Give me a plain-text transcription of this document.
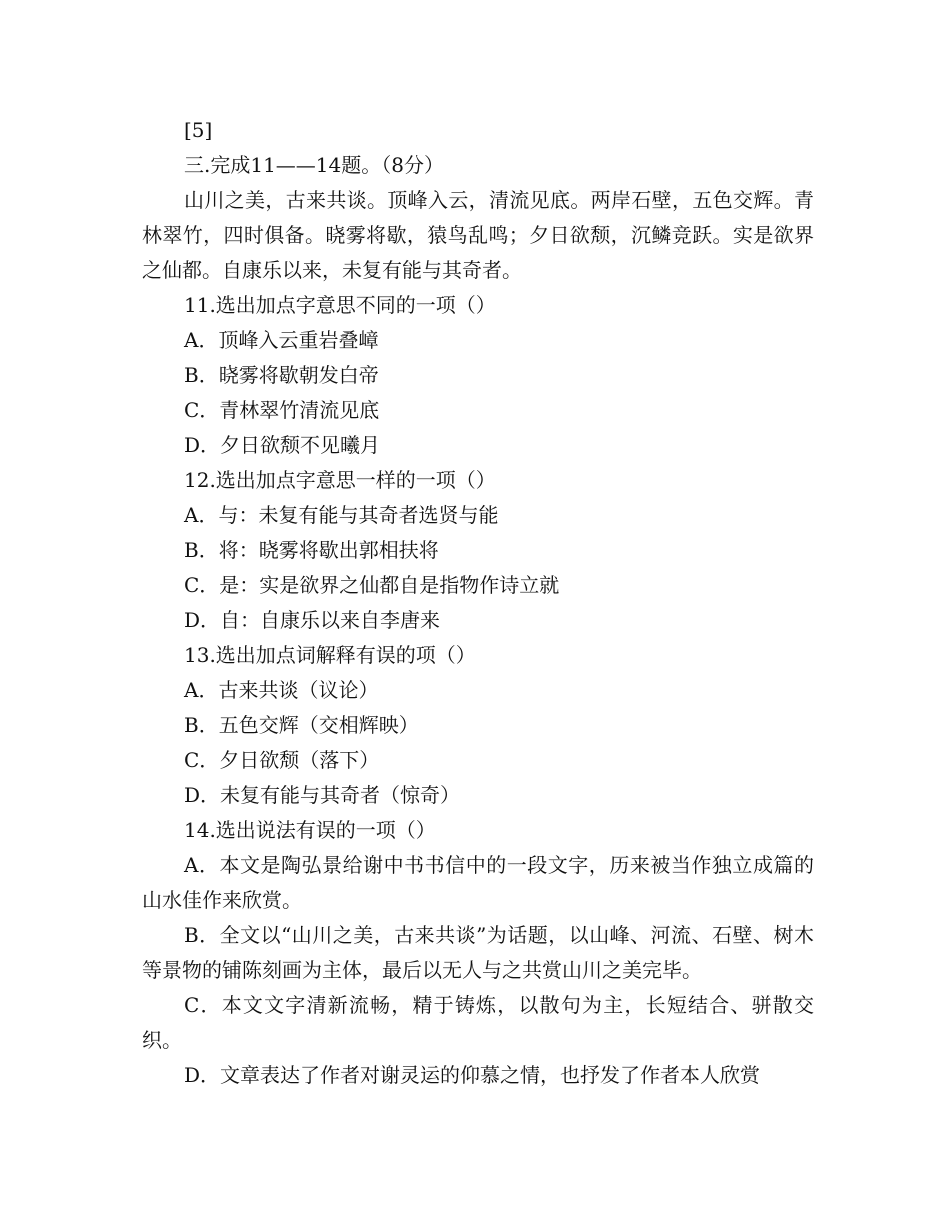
[5]

三.完成11——14题。（8分）

山川之美，古来共谈。顶峰入云，清流见底。两岸石壁，五色交辉。青林翠竹，四时俱备。晓雾将歇，猿鸟乱鸣；夕日欲颓，沉鳞竞跃。实是欲界之仙都。自康乐以来，未复有能与其奇者。

11.选出加点字意思不同的一项（）

A．顶峰入云重岩叠嶂

B．晓雾将歇朝发白帝

C．青林翠竹清流见底

D．夕日欲颓不见曦月

12.选出加点字意思一样的一项（）

A．与：未复有能与其奇者选贤与能

B．将：晓雾将歇出郭相扶将

C．是：实是欲界之仙都自是指物作诗立就

D．自：自康乐以来自李唐来

13.选出加点词解释有误的项（）

A．古来共谈（议论）

B．五色交辉（交相辉映）

C．夕日欲颓（落下）

D．未复有能与其奇者（惊奇）

14.选出说法有误的一项（）

A．本文是陶弘景给谢中书书信中的一段文字，历来被当作独立成篇的山水佳作来欣赏。

B．全文以“山川之美，古来共谈”为话题，以山峰、河流、石壁、树木等景物的铺陈刻画为主体，最后以无人与之共赏山川之美完毕。

C．本文文字清新流畅，精于铸炼，以散句为主，长短结合、骈散交织。

D．文章表达了作者对谢灵运的仰慕之情，也抒发了作者本人欣赏
